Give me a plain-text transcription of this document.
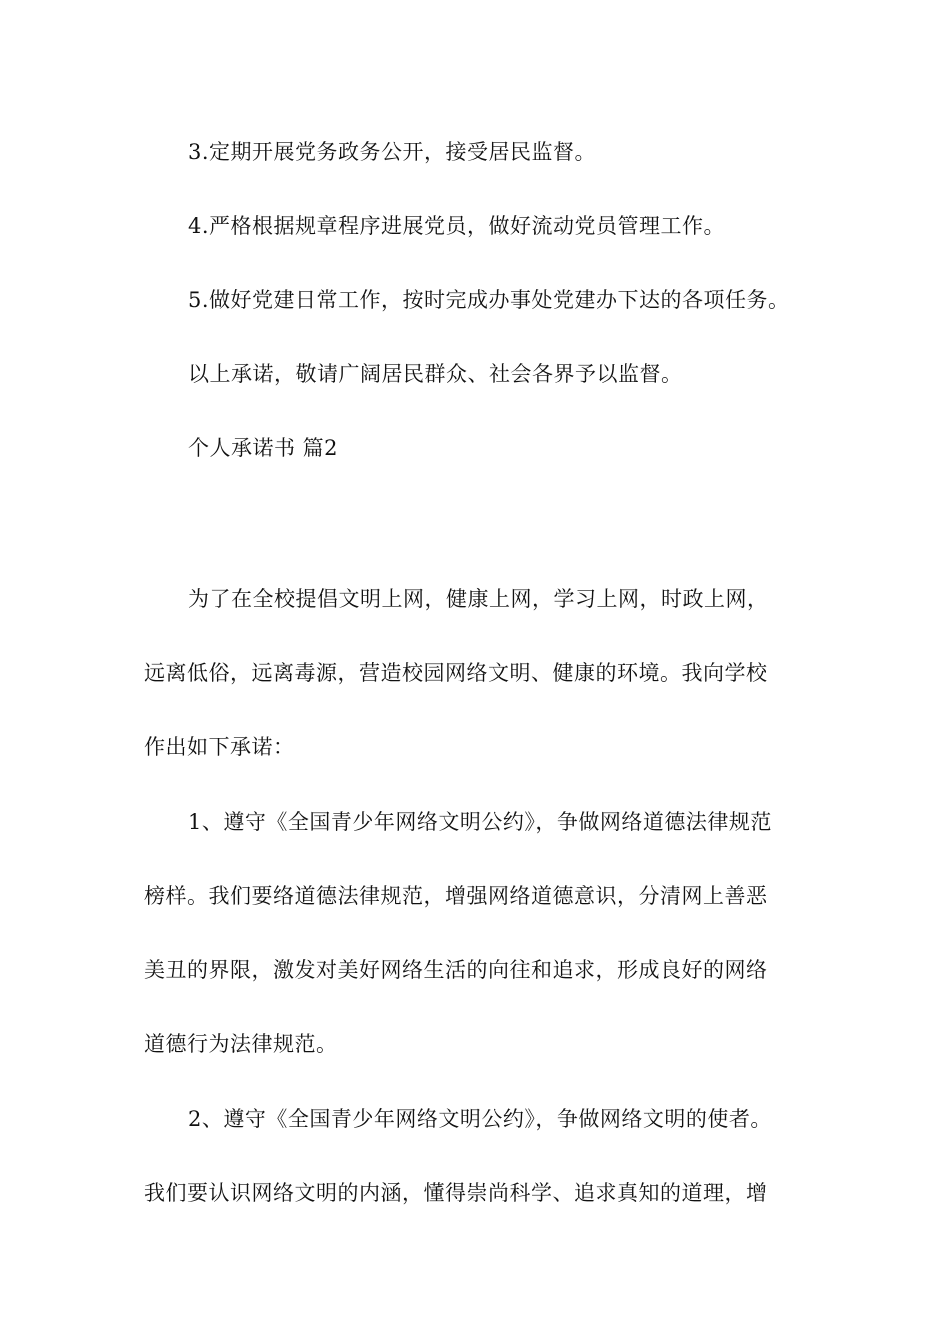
3.定期开展党务政务公开，接受居民监督。

4.严格根据规章程序进展党员，做好流动党员管理工作。

5.做好党建日常工作，按时完成办事处党建办下达的各项任务。

以上承诺，敬请广阔居民群众、社会各界予以监督。

个人承诺书 篇2

为了在全校提倡文明上网，健康上网，学习上网，时政上网，

远离低俗，远离毒源，营造校园网络文明、健康的环境。我向学校

作出如下承诺：

1、遵守《全国青少年网络文明公约》，争做网络道德法律规范

榜样。我们要络道德法律规范，增强网络道德意识，分清网上善恶

美丑的界限，激发对美好网络生活的向往和追求，形成良好的网络

道德行为法律规范。

2、遵守《全国青少年网络文明公约》，争做网络文明的使者。

我们要认识网络文明的内涵，懂得崇尚科学、追求真知的道理，增
